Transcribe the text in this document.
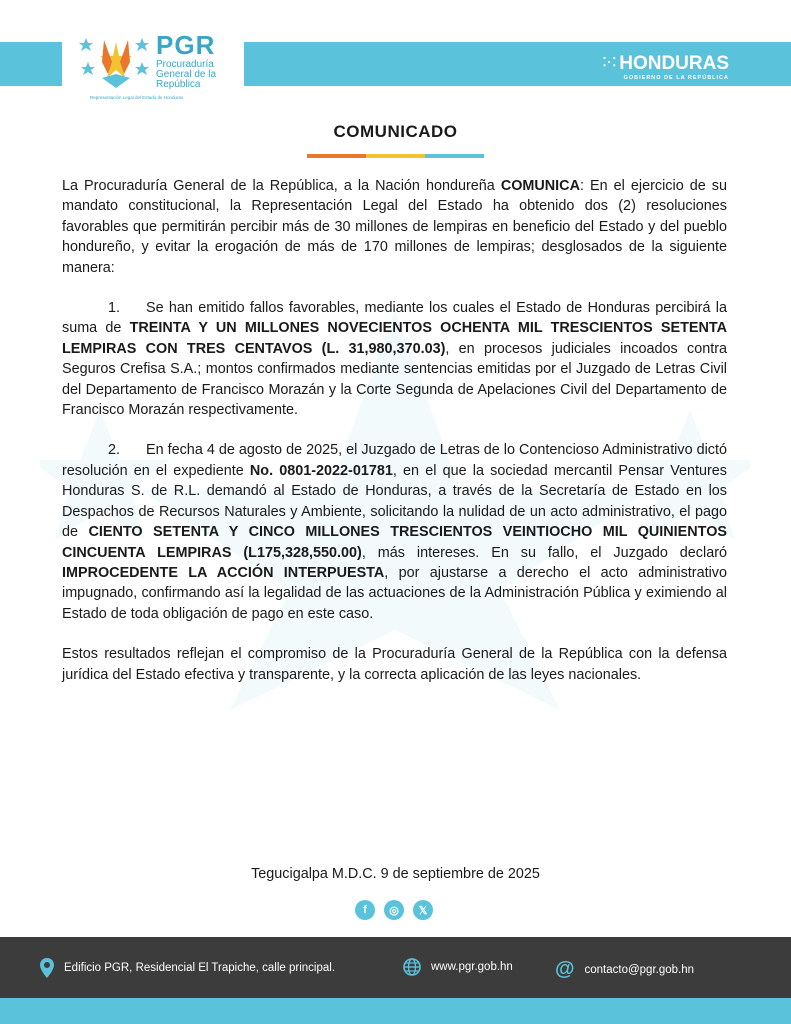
PGR
Procuraduría General de la República
Representación Legal del Estado de Honduras
⁚·⁚ HONDURAS
GOBIERNO DE LA REPÚBLICA
COMUNICADO

La Procuraduría General de la República, a la Nación hondureña COMUNICA: En el ejercicio de su mandato constitucional, la Representación Legal del Estado ha obtenido dos (2) resoluciones favorables que permitirán percibir más de 30 millones de lempiras en beneficio del Estado y del pueblo hondureño, y evitar la erogación de más de 170 millones de lempiras; desglosados de la siguiente manera:

1. Se han emitido fallos favorables, mediante los cuales el Estado de Honduras percibirá la suma de TREINTA Y UN MILLONES NOVECIENTOS OCHENTA MIL TRESCIENTOS SETENTA LEMPIRAS CON TRES CENTAVOS (L. 31,980,370.03), en procesos judiciales incoados contra Seguros Crefisa S.A.; montos confirmados mediante sentencias emitidas por el Juzgado de Letras Civil del Departamento de Francisco Morazán y la Corte Segunda de Apelaciones Civil del Departamento de Francisco Morazán respectivamente.

2. En fecha 4 de agosto de 2025, el Juzgado de Letras de lo Contencioso Administrativo dictó resolución en el expediente No. 0801-2022-01781, en el que la sociedad mercantil Pensar Ventures Honduras S. de R.L. demandó al Estado de Honduras, a través de la Secretaría de Estado en los Despachos de Recursos Naturales y Ambiente, solicitando la nulidad de un acto administrativo, el pago de CIENTO SETENTA Y CINCO MILLONES TRESCIENTOS VEINTIOCHO MIL QUINIENTOS CINCUENTA LEMPIRAS (L175,328,550.00), más intereses. En su fallo, el Juzgado declaró IMPROCEDENTE LA ACCIÓN INTERPUESTA, por ajustarse a derecho el acto administrativo impugnado, confirmando así la legalidad de las actuaciones de la Administración Pública y eximiendo al Estado de toda obligación de pago en este caso.

Estos resultados reflejan el compromiso de la Procuraduría General de la República con la defensa jurídica del Estado efectiva y transparente, y la correcta aplicación de las leyes nacionales.

Tegucigalpa M.D.C. 9 de septiembre de 2025
f ◎ 𝕏
Edificio PGR, Residencial El Trapiche, calle principal.	www.pgr.gob.hn @ contacto@pgr.gob.hn
